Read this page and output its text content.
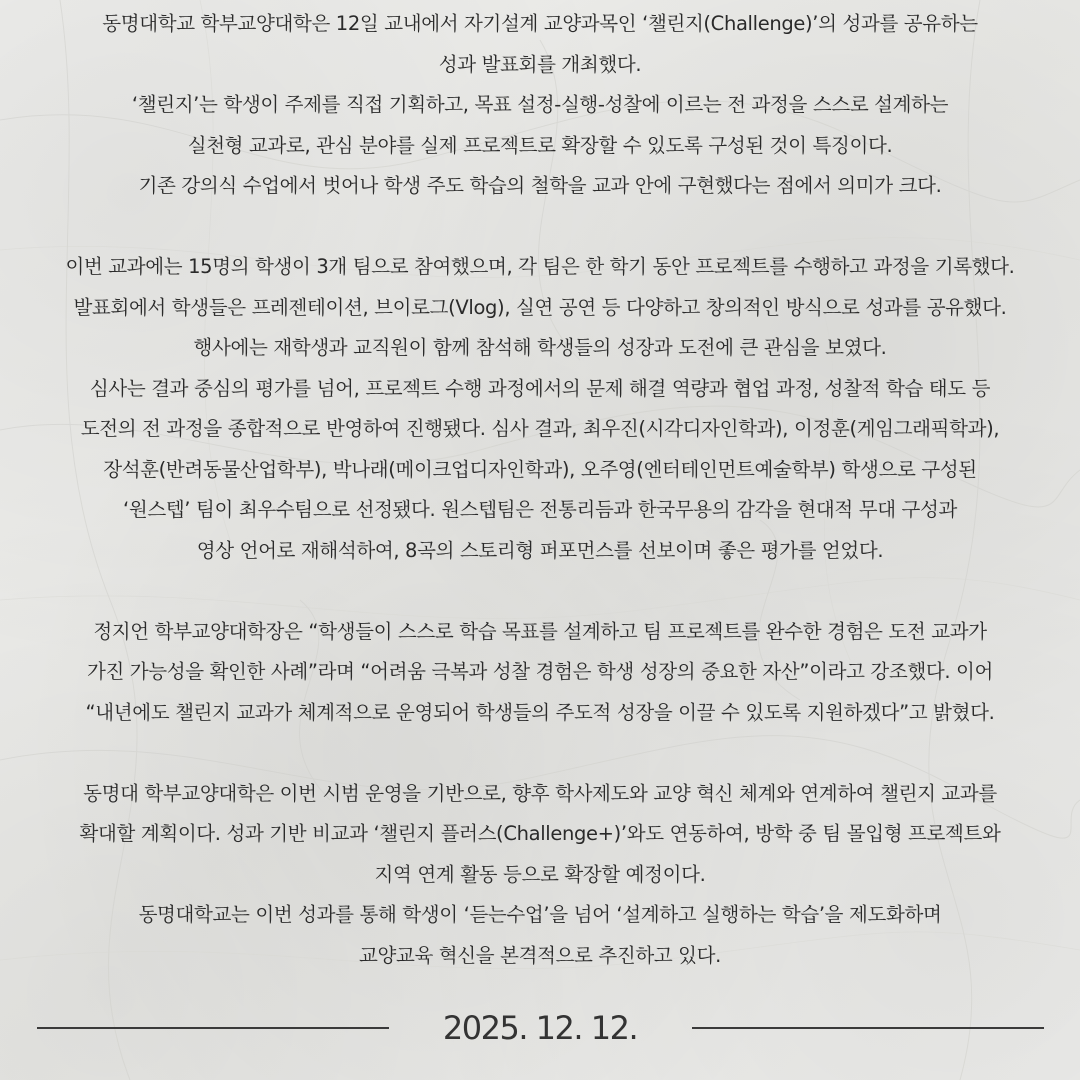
동명대학교 학부교양대학은 12일 교내에서 자기설계 교양과목인 ‘챌린지(Challenge)’의 성과를 공유하는
성과 발표회를 개최했다.
‘챌린지’는 학생이 주제를 직접 기획하고, 목표 설정-실행-성찰에 이르는 전 과정을 스스로 설계하는
실천형 교과로, 관심 분야를 실제 프로젝트로 확장할 수 있도록 구성된 것이 특징이다.
기존 강의식 수업에서 벗어나 학생 주도 학습의 철학을 교과 안에 구현했다는 점에서 의미가 크다.
이번 교과에는 15명의 학생이 3개 팀으로 참여했으며, 각 팀은 한 학기 동안 프로젝트를 수행하고 과정을 기록했다.
발표회에서 학생들은 프레젠테이션, 브이로그(Vlog), 실연 공연 등 다양하고 창의적인 방식으로 성과를 공유했다.
행사에는 재학생과 교직원이 함께 참석해 학생들의 성장과 도전에 큰 관심을 보였다.
심사는 결과 중심의 평가를 넘어, 프로젝트 수행 과정에서의 문제 해결 역량과 협업 과정, 성찰적 학습 태도 등
도전의 전 과정을 종합적으로 반영하여 진행됐다. 심사 결과, 최우진(시각디자인학과), 이정훈(게임그래픽학과),
장석훈(반려동물산업학부), 박나래(메이크업디자인학과), 오주영(엔터테인먼트예술학부) 학생으로 구성된
‘원스텝’ 팀이 최우수팀으로 선정됐다. 원스텝팀은 전통리듬과 한국무용의 감각을 현대적 무대 구성과
영상 언어로 재해석하여, 8곡의 스토리형 퍼포먼스를 선보이며 좋은 평가를 얻었다.
정지언 학부교양대학장은 “학생들이 스스로 학습 목표를 설계하고 팀 프로젝트를 완수한 경험은 도전 교과가
가진 가능성을 확인한 사례”라며 “어려움 극복과 성찰 경험은 학생 성장의 중요한 자산”이라고 강조했다. 이어
“내년에도 챌린지 교과가 체계적으로 운영되어 학생들의 주도적 성장을 이끌 수 있도록 지원하겠다”고 밝혔다.
동명대 학부교양대학은 이번 시범 운영을 기반으로, 향후 학사제도와 교양 혁신 체계와 연계하여 챌린지 교과를
확대할 계획이다. 성과 기반 비교과 ‘챌린지 플러스(Challenge+)’와도 연동하여, 방학 중 팀 몰입형 프로젝트와
지역 연계 활동 등으로 확장할 예정이다.
동명대학교는 이번 성과를 통해 학생이 ‘듣는수업’을 넘어 ‘설계하고 실행하는 학습’을 제도화하며
교양교육 혁신을 본격적으로 추진하고 있다.
2025. 12. 12.
